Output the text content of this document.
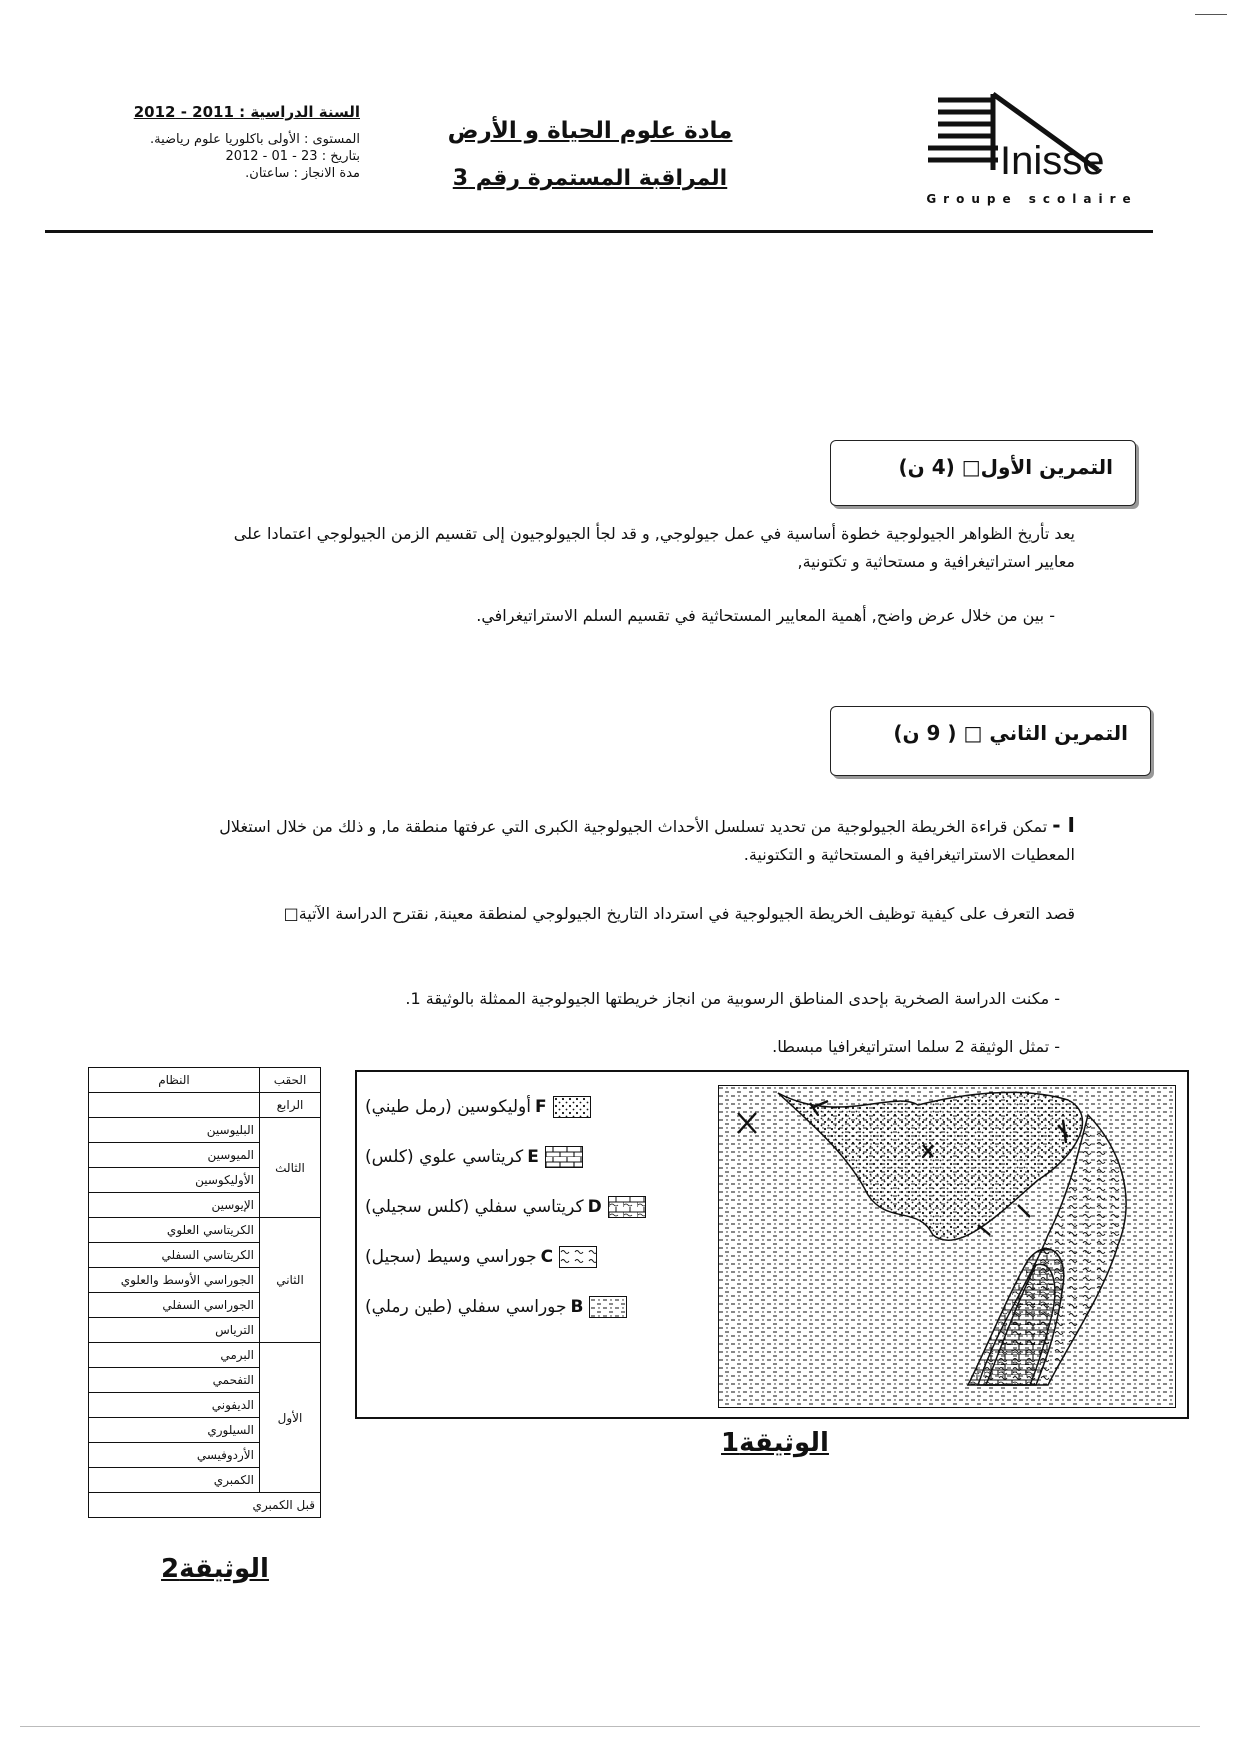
السنة الدراسية : 2011 - 2012
المستوى : الأولى باكلوريا علوم رياضية.
بتاريخ : 23 - 01 - 2012
مدة الانجاز : ساعتان.
مادة علوم الحياة و الأرض
المراقبة المستمرة رقم 3	Inisse
Groupe scolaire
التمرين الأول□ (4 ن)
يعد تأريخ الظواهر الجيولوجية خطوة أساسية في عمل جيولوجي, و قد لجأ الجيولوجيون إلى تقسيم الزمن الجيولوجي اعتمادا على معايير استراتيغرافية و مستحاثية و تكتونية,
- بين من خلال عرض واضح, أهمية المعايير المستحاثية في تقسيم السلم الاستراتيغرافي.
التمرين الثاني □ ( 9 ن)
I - تمكن قراءة الخريطة الجيولوجية من تحديد تسلسل الأحداث الجيولوجية الكبرى التي عرفتها منطقة ما, و ذلك من خلال استغلال المعطيات الاستراتيغرافية و المستحاثية و التكتونية.
قصد التعرف على كيفية توظيف الخريطة الجيولوجية في استرداد التاريخ الجيولوجي لمنطقة معينة, نقترح الدراسة الآتية□
- مكنت الدراسة الصخرية بإحدى المناطق الرسوبية من انجاز خريطتها الجيولوجية الممثلة بالوثيقة 1.
- تمثل الوثيقة 2 سلما استراتيغرافيا مبسطا.
النظام	الحقب
	الرابع
البليوسين	الثالث
الميوسين	
الأوليكوسين	
الإيوسين	
الكريتاسي العلوي	الثاني
الكريتاسي السفلي	
الجوراسي الأوسط والعلوي	
الجوراسي السفلي	
الترياس	
البرمي	الأول
التفحمي	
الديفوني	
السيلوري	
الأردوفيسي	
الكمبري	
قبل الكمبري	
الوثيقة2
F
أوليكوسين (رمل طيني)
E
كريتاسي علوي (كلس)
D
كريتاسي سفلي (كلس سجيلي)
C
جوراسي وسيط (سجيل)
B
جوراسي سفلي (طين رملي)
الوثيقة1
